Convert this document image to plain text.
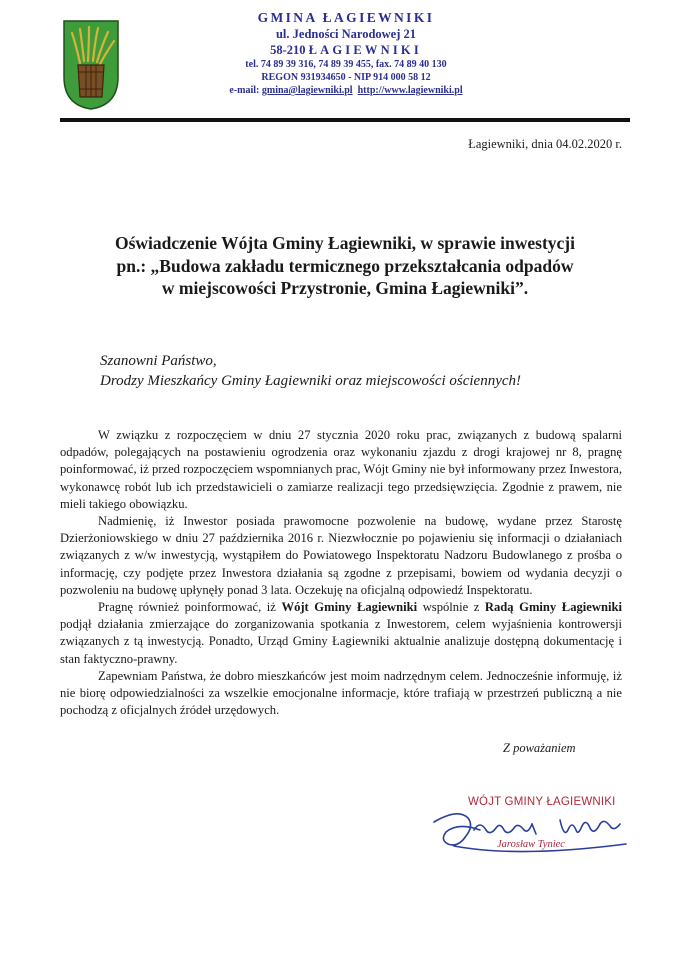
GMINA ŁAGIEWNIKI
ul. Jedności Narodowej 21
58-210 ŁAGIEWNIKI
tel. 74 89 39 316, 74 89 39 455, fax. 74 89 40 130
REGON 931934650 - NIP 914 000 58 12
e-mail: gmina@lagiewniki.pl http://www.lagiewniki.pl
Łagiewniki, dnia 04.02.2020 r.
Oświadczenie Wójta Gminy Łagiewniki, w sprawie inwestycji
pn.: „Budowa zakładu termicznego przekształcania odpadów
w miejscowości Przystronie, Gmina Łagiewniki”.
Szanowni Państwo,
Drodzy Mieszkańcy Gminy Łagiewniki oraz miejscowości ościennych!

W związku z rozpoczęciem w dniu 27 stycznia 2020 roku prac, związanych z budową spalarni odpadów, polegających na postawieniu ogrodzenia oraz wykonaniu zjazdu z drogi krajowej nr 8, pragnę poinformować, iż przed rozpoczęciem wspomnianych prac, Wójt Gminy nie był informowany przez Inwestora, wykonawcę robót lub ich przedstawicieli o zamiarze realizacji tego przedsięwzięcia. Zgodnie z prawem, nie mieli takiego obowiązku.

Nadmienię, iż Inwestor posiada prawomocne pozwolenie na budowę, wydane przez Starostę Dzierżoniowskiego w dniu 27 października 2016 r. Niezwłocznie po pojawieniu się informacji o działaniach związanych z w/w inwestycją, wystąpiłem do Powiatowego Inspektoratu Nadzoru Budowlanego z prośba o informację, czy podjęte przez Inwestora działania są zgodne z przepisami, bowiem od wydania decyzji o pozwoleniu na budowę upłynęły ponad 3 lata. Oczekuję na oficjalną odpowiedź Inspektoratu.

Pragnę również poinformować, iż Wójt Gminy Łagiewniki wspólnie z Radą Gminy Łagiewniki podjął działania zmierzające do zorganizowania spotkania z Inwestorem, celem wyjaśnienia kontrowersji związanych z tą inwestycją. Ponadto, Urząd Gminy Łagiewniki aktualnie analizuje dostępną dokumentację i stan faktyczno-prawny.

Zapewniam Państwa, że dobro mieszkańców jest moim nadrzędnym celem. Jednocześnie informuję, iż nie biorę odpowiedzialności za wszelkie emocjonalne informacje, które trafiają w przestrzeń publiczną a nie pochodzą z oficjalnych źródeł urzędowych.

Z poważaniem
WÓJT GMINY ŁAGIEWNIKI
Jarosław Tyniec
